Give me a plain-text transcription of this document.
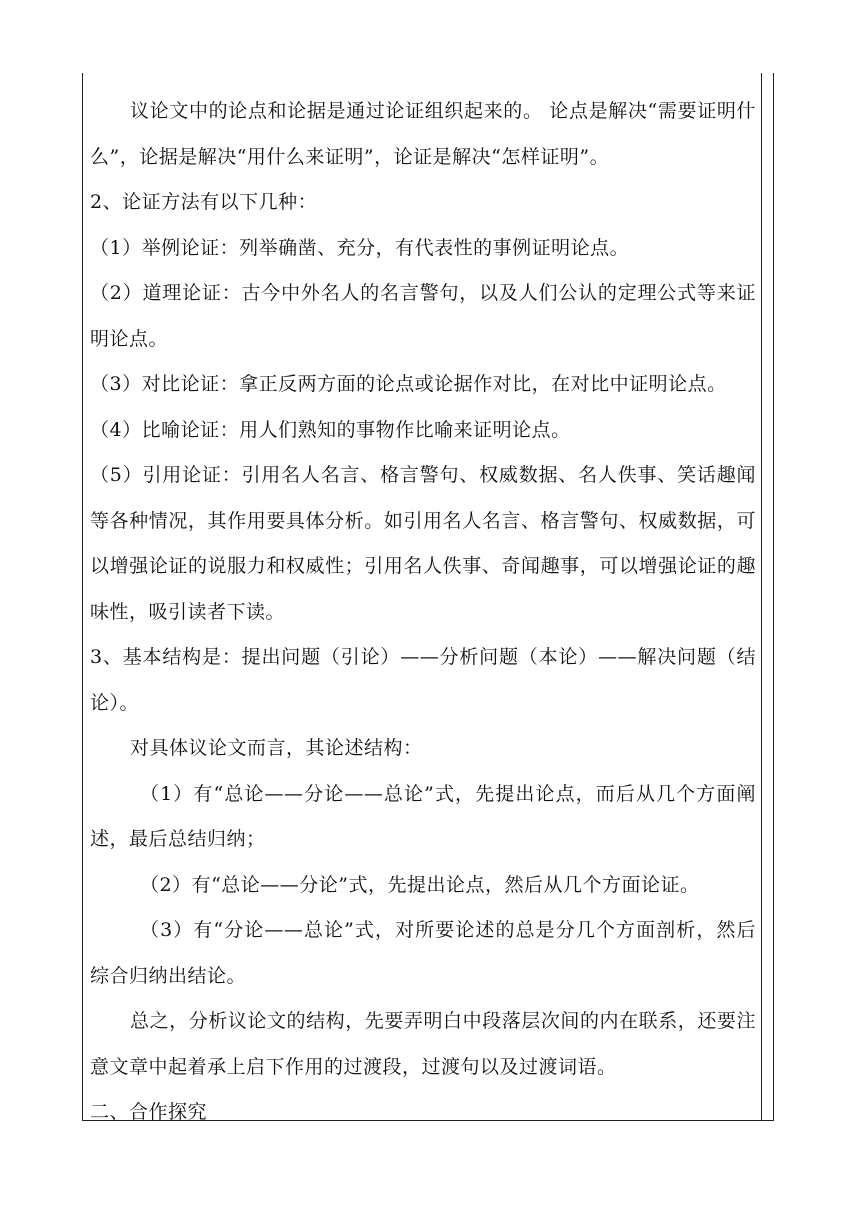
议论文中的论点和论据是通过论证组织起来的。 论点是解决“需要证明什么”，论据是解决“用什么来证明”，论证是解决“怎样证明”。

2、论证方法有以下几种：

（1）举例论证：列举确凿、充分，有代表性的事例证明论点。

（2）道理论证：古今中外名人的名言警句，以及人们公认的定理公式等来证明论点。

（3）对比论证：拿正反两方面的论点或论据作对比，在对比中证明论点。

（4）比喻论证：用人们熟知的事物作比喻来证明论点。

（5）引用论证：引用名人名言、格言警句、权威数据、名人佚事、笑话趣闻等各种情况，其作用要具体分析。如引用名人名言、格言警句、权威数据，可以增强论证的说服力和权威性；引用名人佚事、奇闻趣事，可以增强论证的趣味性，吸引读者下读。

3、基本结构是：提出问题（引论）——分析问题（本论）——解决问题（结论）。

对具体议论文而言，其论述结构：

（1）有“总论——分论——总论”式，先提出论点，而后从几个方面阐述，最后总结归纳；

（2）有“总论——分论”式，先提出论点，然后从几个方面论证。

（3）有“分论——总论”式，对所要论述的总是分几个方面剖析，然后综合归纳出结论。

总之，分析议论文的结构，先要弄明白中段落层次间的内在联系，还要注意文章中起着承上启下作用的过渡段，过渡句以及过渡词语。

二、合作探究
